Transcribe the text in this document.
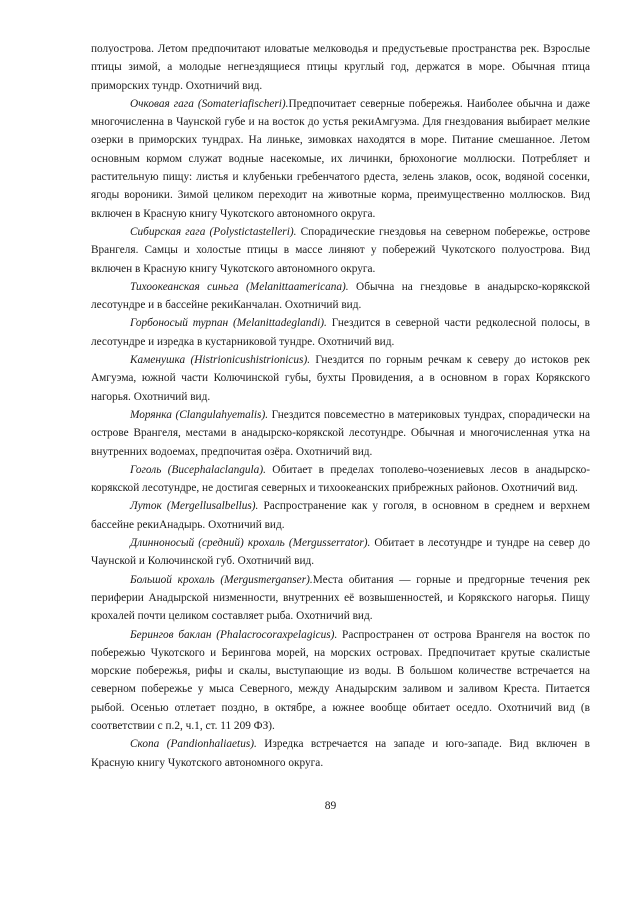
полуострова. Летом предпочитают иловатые мелководья и предустьевые пространства рек. Взрослые птицы зимой, а молодые негнездящиеся птицы круглый год, держатся в море. Обычная птица приморских тундр. Охотничий вид.

Очковая гага (Somateriafischeri).Предпочитает северные побережья. Наиболее обычна и даже многочисленна в Чаунской губе и на восток до устья рекиАмгуэма. Для гнездования выбирает мелкие озерки в приморских тундрах. На линьке, зимовках находятся в море. Питание смешанное. Летом основным кормом служат водные насекомые, их личинки, брюхоногие моллюски. Потребляет и растительную пищу: листья и клубеньки гребенчатого рдеста, зелень злаков, осок, водяной сосенки, ягоды вороники. Зимой целиком переходит на животные корма, преимущественно моллюсков. Вид включен в Красную книгу Чукотского автономного округа.

Сибирская гага (Polystictastelleri). Спорадические гнездовья на северном побережье, острове Врангеля. Самцы и холостые птицы в массе линяют у побережий Чукотского полуострова. Вид включен в Красную книгу Чукотского автономного округа.

Тихоокеанская синьга (Melanittaamericana). Обычна на гнездовье в анадырско-корякской лесотундре и в бассейне рекиКанчалан. Охотничий вид.

Горбоносый турпан (Melanittadeglandi). Гнездится в северной части редколесной полосы, в лесотундре и изредка в кустарниковой тундре. Охотничий вид.

Каменушка (Histrionicushistrionicus). Гнездится по горным речкам к северу до истоков рек Амгуэма, южной части Колючинской губы, бухты Провидения, а в основном в горах Корякского нагорья. Охотничий вид.

Морянка (Clangulahyemalis). Гнездится повсеместно в материковых тундрах, спорадически на острове Врангеля, местами в анадырско-корякской лесотундре. Обычная и многочисленная утка на внутренних водоемах, предпочитая озёра. Охотничий вид.

Гоголь (Bucephalaclangula). Обитает в пределах тополево-чозениевых лесов в анадырско-корякской лесотундре, не достигая северных и тихоокеанских прибрежных районов. Охотничий вид.

Луток (Mergellusalbellus). Распространение как у гоголя, в основном в среднем и верхнем бассейне рекиАнадырь. Охотничий вид.

Длинноносый (средний) крохаль (Mergusserrator). Обитает в лесотундре и тундре на север до Чаунской и Колючинской губ. Охотничий вид.

Большой крохаль (Mergusmerganser).Места обитания — горные и предгорные течения рек периферии Анадырской низменности, внутренних её возвышенностей, и Корякского нагорья. Пищу крохалей почти целиком составляет рыба. Охотничий вид.

Берингов баклан (Phalacrocoraxpelagicus). Распространен от острова Врангеля на восток по побережью Чукотского и Берингова морей, на морских островах. Предпочитает крутые скалистые морские побережья, рифы и скалы, выступающие из воды. В большом количестве встречается на северном побережье у мыса Северного, между Анадырским заливом и заливом Креста. Питается рыбой. Осенью отлетает поздно, в октябре, а южнее вообще обитает оседло. Охотничий вид (в соответствии с п.2, ч.1, ст. 11 209 ФЗ).

Скопа (Pandionhaliaetus). Изредка встречается на западе и юго-западе. Вид включен в Красную книгу Чукотского автономного округа.

89
